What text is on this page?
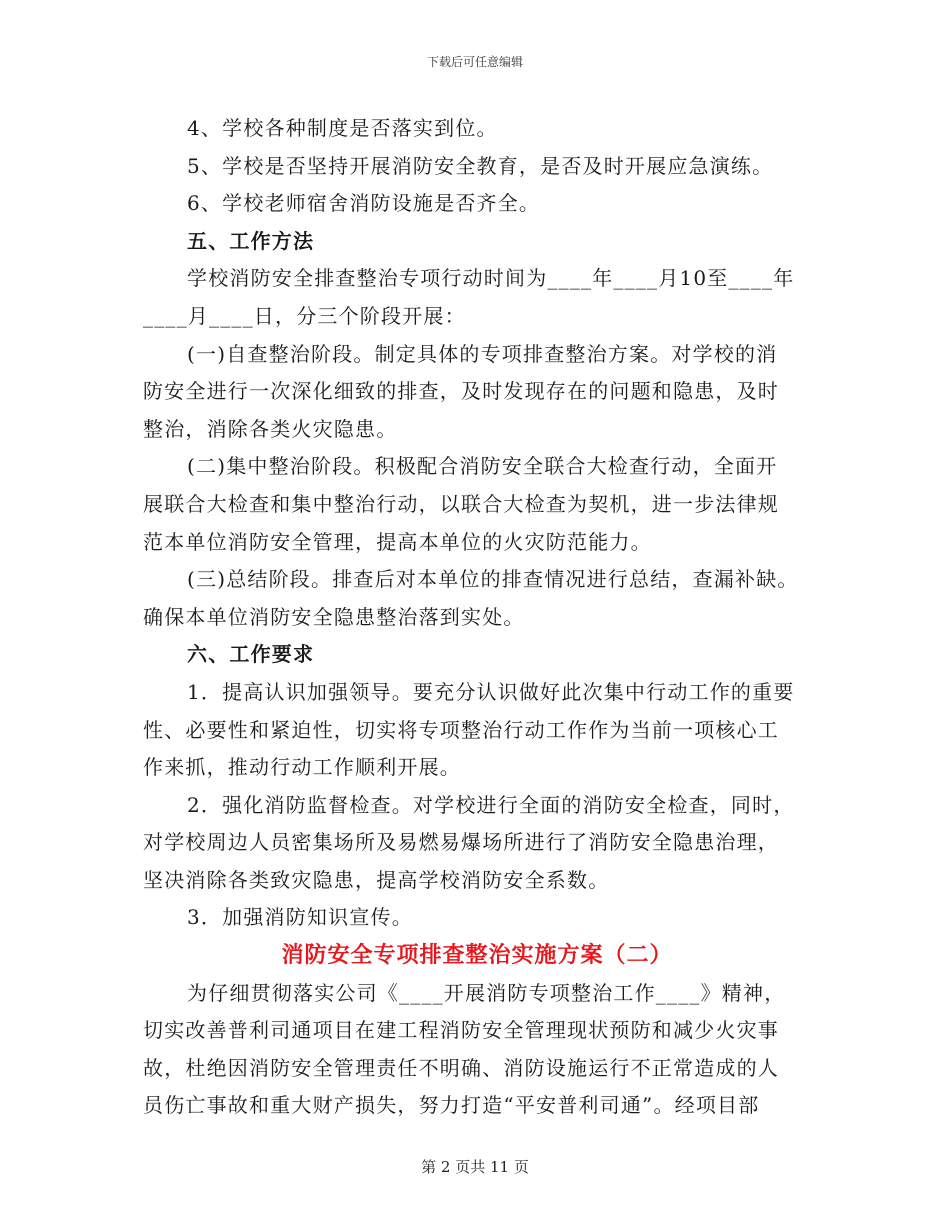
下载后可任意编辑
4、学校各种制度是否落实到位。
5、学校是否坚持开展消防安全教育，是否及时开展应急演练。
6、学校老师宿舍消防设施是否齐全。
五、工作方法
学校消防安全排查整治专项行动时间为____年____月10至____年
____月____日，分三个阶段开展：
(一)自查整治阶段。制定具体的专项排查整治方案。对学校的消
防安全进行一次深化细致的排查，及时发现存在的问题和隐患，及时
整治，消除各类火灾隐患。
(二)集中整治阶段。积极配合消防安全联合大检查行动，全面开
展联合大检查和集中整治行动，以联合大检查为契机，进一步法律规
范本单位消防安全管理，提高本单位的火灾防范能力。
(三)总结阶段。排查后对本单位的排查情况进行总结，查漏补缺。
确保本单位消防安全隐患整治落到实处。
六、工作要求
1．提高认识加强领导。要充分认识做好此次集中行动工作的重要
性、必要性和紧迫性，切实将专项整治行动工作作为当前一项核心工
作来抓，推动行动工作顺利开展。
2．强化消防监督检查。对学校进行全面的消防安全检查，同时，
对学校周边人员密集场所及易燃易爆场所进行了消防安全隐患治理，
坚决消除各类致灾隐患，提高学校消防安全系数。
3．加强消防知识宣传。
消防安全专项排查整治实施方案（二）
为仔细贯彻落实公司《____开展消防专项整治工作____》精神，
切实改善普利司通项目在建工程消防安全管理现状预防和减少火灾事
故，杜绝因消防安全管理责任不明确、消防设施运行不正常造成的人
员伤亡事故和重大财产损失，努力打造“平安普利司通”。经项目部
第 2 页共 11 页
